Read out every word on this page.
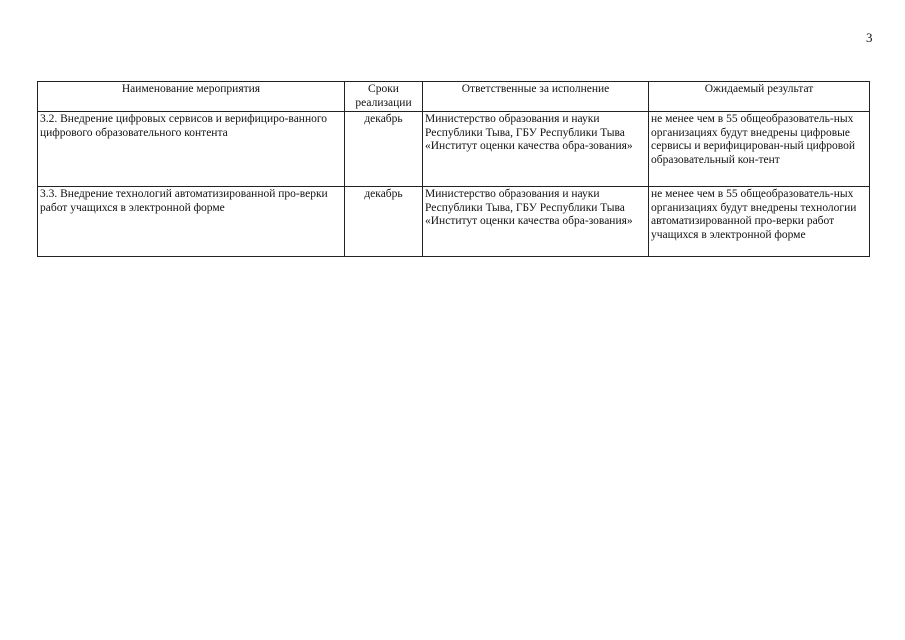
3
Наименование мероприятия	Сроки реализации	Ответственные за исполнение	Ожидаемый результат
3.2. Внедрение цифровых сервисов и верифициро-ванного цифрового образовательного контента	декабрь	Министерство образования и науки Республики Тыва, ГБУ Республики Тыва «Институт оценки качества обра-зования»	не менее чем в 55 общеобразователь-ных организациях будут внедрены цифровые сервисы и верифицирован-ный цифровой образовательный кон-тент
3.3. Внедрение технологий автоматизированной про-верки работ учащихся в электронной форме	декабрь	Министерство образования и науки Республики Тыва, ГБУ Республики Тыва «Институт оценки качества обра-зования»	не менее чем в 55 общеобразователь-ных организациях будут внедрены технологии автоматизированной про-верки работ учащихся в электронной форме
